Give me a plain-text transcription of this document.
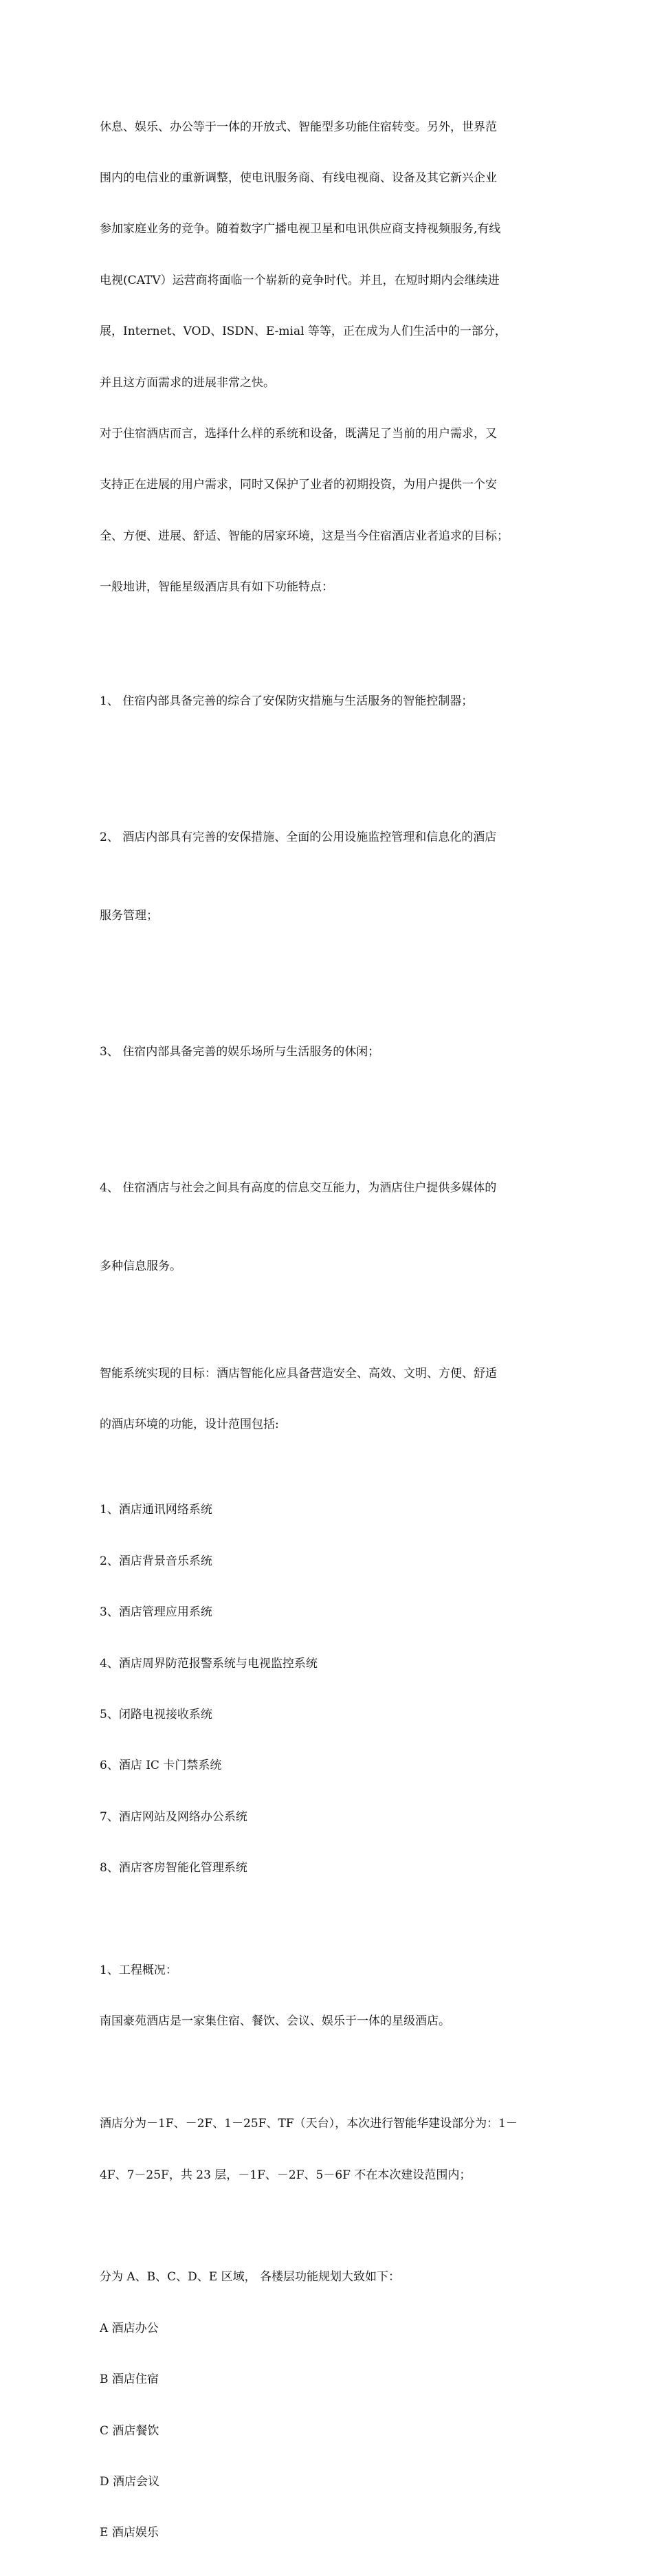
休息、娱乐、办公等于一体的开放式、智能型多功能住宿转变。另外，世界范

围内的电信业的重新调整，使电讯服务商、有线电视商、设备及其它新兴企业

参加家庭业务的竞争。随着数字广播电视卫星和电讯供应商支持视频服务,有线

电视(CATV）运营商将面临一个崭新的竞争时代。并且，在短时期内会继续进

展，Internet、VOD、ISDN、E-mial 等等，正在成为人们生活中的一部分，

并且这方面需求的进展非常之快。

对于住宿酒店而言，选择什么样的系统和设备，既满足了当前的用户需求，又

支持正在进展的用户需求，同时又保护了业者的初期投资，为用户提供一个安

全、方便、进展、舒适、智能的居家环境，这是当今住宿酒店业者追求的目标；

一般地讲，智能星级酒店具有如下功能特点：

1、 住宿内部具备完善的综合了安保防灾措施与生活服务的智能控制器；

2、 酒店内部具有完善的安保措施、全面的公用设施监控管理和信息化的酒店

服务管理；

3、 住宿内部具备完善的娱乐场所与生活服务的休闲；

4、 住宿酒店与社会之间具有高度的信息交互能力，为酒店住户提供多媒体的

多种信息服务。

智能系统实现的目标：酒店智能化应具备营造安全、高效、文明、方便、舒适

的酒店环境的功能，设计范围包括:

1、酒店通讯网络系统

2、酒店背景音乐系统

3、酒店管理应用系统

4、酒店周界防范报警系统与电视监控系统

5、闭路电视接收系统

6、酒店 IC 卡门禁系统

7、酒店网站及网络办公系统

8、酒店客房智能化管理系统

1、工程概况：

南国豪苑酒店是一家集住宿、餐饮、会议、娱乐于一体的星级酒店。

酒店分为－1F、－2F、1－25F、TF（天台），本次进行智能华建设部分为：1－

4F、7－25F，共 23 层，－1F、－2F、5－6F 不在本次建设范围内；

分为 A、B、C、D、E 区域， 各楼层功能规划大致如下：

A 酒店办公

B 酒店住宿

C 酒店餐饮

D 酒店会议

E 酒店娱乐
